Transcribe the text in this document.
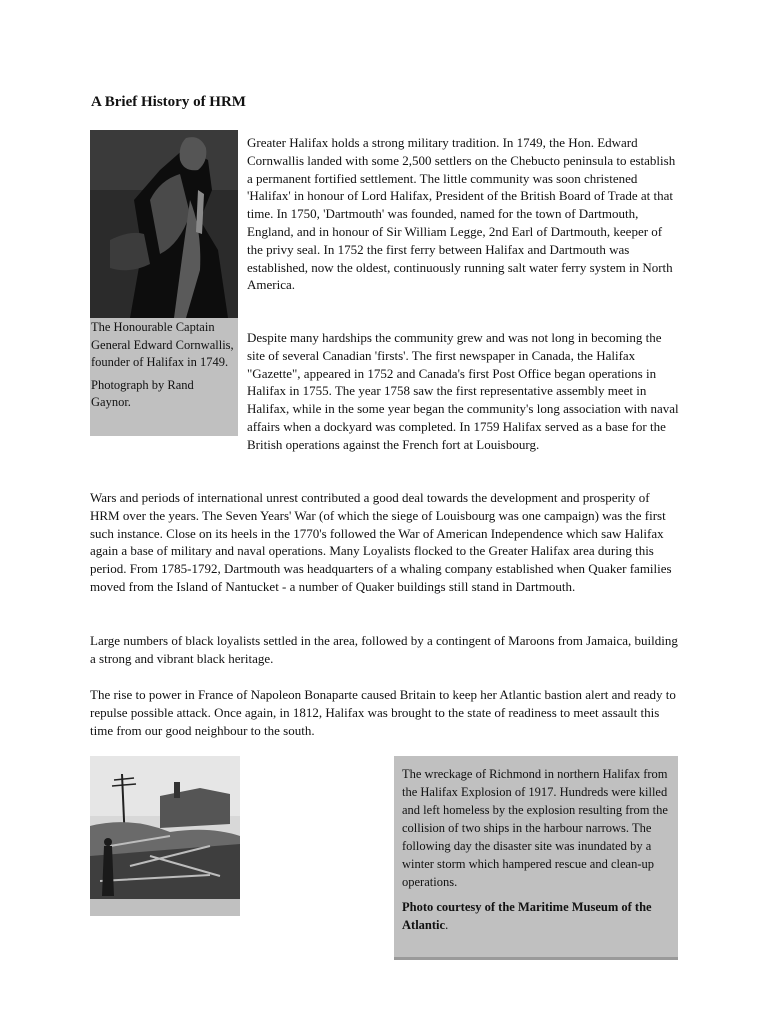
A Brief History of HRM

The Honourable Captain General Edward Cornwallis, founder of Halifax in 1749.

Photograph by Rand Gaynor.

Greater Halifax holds a strong military tradition. In 1749, the Hon. Edward Cornwallis landed with some 2,500 settlers on the Chebucto peninsula to establish a permanent fortified settlement. The little community was soon christened 'Halifax' in honour of Lord Halifax, President of the British Board of Trade at that time. In 1750, 'Dartmouth' was founded, named for the town of Dartmouth, England, and in honour of Sir William Legge, 2nd Earl of Dartmouth, keeper of the privy seal. In 1752 the first ferry between Halifax and Dartmouth was established, now the oldest, continuously running salt water ferry system in North America.

Despite many hardships the community grew and was not long in becoming the site of several Canadian 'firsts'. The first newspaper in Canada, the Halifax "Gazette", appeared in 1752 and Canada's first Post Office began operations in Halifax in 1755. The year 1758 saw the first representative assembly meet in Halifax, while in the some year began the community's long association with naval affairs when a dockyard was completed. In 1759 Halifax served as a base for the British operations against the French fort at Louisbourg.

Wars and periods of international unrest contributed a good deal towards the development and prosperity of HRM over the years. The Seven Years' War (of which the siege of Louisbourg was one campaign) was the first such instance. Close on its heels in the 1770's followed the War of American Independence which saw Halifax again a base of military and naval operations. Many Loyalists flocked to the Greater Halifax area during this period. From 1785-1792, Dartmouth was headquarters of a whaling company established when Quaker families moved from the Island of Nantucket - a number of Quaker buildings still stand in Dartmouth.

Large numbers of black loyalists settled in the area, followed by a contingent of Maroons from Jamaica, building a strong and vibrant black heritage.

The rise to power in France of Napoleon Bonaparte caused Britain to keep her Atlantic bastion alert and ready to repulse possible attack. Once again, in 1812, Halifax was brought to the state of readiness to meet assault this time from our good neighbour to the south.

The wreckage of Richmond in northern Halifax from the Halifax Explosion of 1917. Hundreds were killed and left homeless by the explosion resulting from the collision of two ships in the harbour narrows. The following day the disaster site was inundated by a winter storm which hampered rescue and clean-up operations.

Photo courtesy of the Maritime Museum of the Atlantic.
